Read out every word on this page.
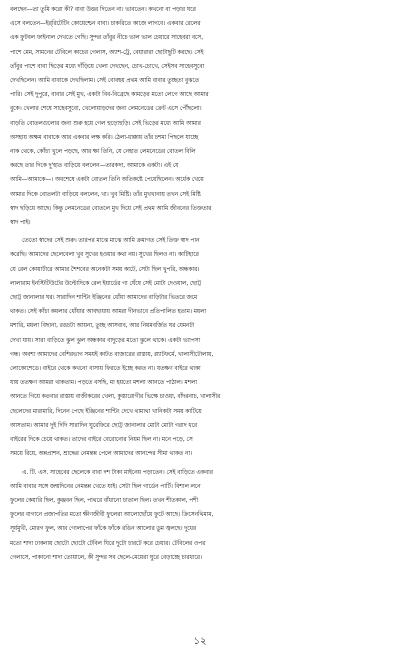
বলছেন—তা তুমি করো কী? বাবা উত্তর দিতেন না। ভাবতেন। কখনো বা পড়ার ঘরে
এসে বলতেন—ইর্‌রিটেটিং কোয়েশ্চেন বাবা। চাকরিতে কাজে লাগবে। একবার রেলের
এক ফুটবল ফাইনাল দেখতে গেছি। সুন্দর তাঁবুর নীচে ভাল ভাল চেয়ারে সাহেবরা বসে,
পাশে মেম, সামনের টেবিলে কাচের গেলাস, অ্যাশ-ট্রে, বেয়ারারা ছোটাছুটি করছে। সেই
তাঁবুর পাশে বাবা ছিড়ের মধ্যে দাঁড়িয়ে খেলা দেখছেন, চোখ-চোখে, সেইসব সাহেবসুবো
দেখছিলেন। আমি বাবাকে দেখছিলাম। সেই বোবহয় প্রথম আমি বাবার তুচ্ছতা বুঝতে
পারি। সেই দুপুরে, বাবার সেই মুখ, একটা বিব-বিব্রেছে কামড়ের মতো লেগে আছে আমার
বুকে। খেলার শেষে সাহেবসুবো, খেলোয়াড়দের জন্য লেমনেডের ক্রেট এসে পৌঁছলো।
বাড়তি বোতলগুলোর জন্য শুরু হয়ে গেল হুড়োহুড়ি। সেই ভিড়ের মধ্যে আমি আমার
অসহায় অক্ষম বাবাকে আর একবার লক্ষ করি। ঠেলা-ধাক্কায় তাঁর চশমা পিছলে যাচ্ছে
নাক থেকে, কোঁচা খুলে পড়ছে, আর ক্ষা তিনি, যে নেহাত লেমনেডের বোতল বিলি
করছে তার দিকে দু'হাত বাড়িয়ে বললেন—তারকদা, আমাকে একটা। এই যে
আমি—আমাকে—। অবশেষে একটা বোতল তিনি অতিকষ্টে পেয়েছিলেন। অর্ধেক খেয়ে
আমার দিকে বোতলটা বাড়িয়ে বললেন, খা। খুব মিষ্টি। তাঁর মুখখানায় তখন সেই মিষ্টি
স্বাদ ছড়িয়ে আছে। কিন্তু লেমনেডের বোতলে মুখ দিয়ে সেই প্রথম আমি জীবনের তিক্ততার
স্বাদ পাই।
তেতো স্বাদের সেই শুরু। তারপর মাঝে মাঝে আমি ক্রমাগত সেই তিক্ত স্বাদ পান
করেছি। আমাদের ছেলেবেলা খুব সুখের হওয়ার কথা নয়। সুখের ছিলও না। কাটিহারে
যে রেল কোয়ার্টারে আমার শৈশবের অনেকটা সময় কাটে, সেটা ছিল খুপরি, অন্ধকার।
লালারাম ইনস্টিটিউটের উল্টোদিকে রেল ইয়ার্ডের গা ঘেঁষে সেই মোটা দেওয়াল, ছোট্ট
ছোট্ট জানালার ঘর। সারাদিন শান্টিং ইঞ্জিনের ধোঁয়া আমাদের বাড়িটার ভিতরে জমে
থাকত। সেই কাঁচা কয়লার ধোঁয়ার আবছায়ায় আমরা দীনভাবে প্রতিপালিত হতাম। ময়লা
মশারি, ময়লা বিছানা, রঙচটা আয়না, তুচ্ছ আসবাব, আর নিয়মবর্জিত ঘর যেমনটা
দেখা যায়। সারা বাড়িতে ঝুল ঝুল অন্ধকার বাদুড়ের মতো ঝুলে থাকে। একটা ভ্যাপসা
গন্ধ। অবশ্য আমাদের বেশিরভাগ সময়ই কাটত বাজারের রাস্তায়, প্ল্যাটফর্মে, খালাসীটোলায়,
লোকোশেডে। বাইরে থেকে কখনো বাসায় ফিরতে ইচ্ছে করত না। যতক্ষণ বাইরে থাকা
যায় ততক্ষণ আমরা থাকতাম। পড়তে বসছি, মা হয়তো মশলা আনতে পাঠাল। মশলা
আনতে গিয়ে কতবার রাস্তায় বাজীকরের খেলা, কুস্তারোগীর ভিক্ষে চাওয়া, বাঁদরনাচ, খালাসীর
ছেলেদের মারামারি, দিনেন পেছে ইঞ্জিনের শান্টিং দেখে থামাথা খানিকটা সময় কাটিয়ে
আসতাম। আমার দুই দিদি সারাদিন ঘুরেফিরে ছোট্ট জানালার মোটা মোটা গরাদ ধরে
বাইরের দিকে চেয়ে থাকত। তাদের বাইরে বেরোনোর নিয়ম ছিল না। মনে পড়ে, সে
সময়ে রিয়ে, অন্নপ্রাশন, শ্রাদ্ধের নেমন্তন্ন পেলে আমাদের আনন্দের সীমা থাকত না।
এ. টি. এস. সাহেবের ছেলেকে বাবা দশ টাকা মাইনেয় পড়াতেন। সেই বাড়িতে একবার
আমি বাবার সঙ্গে জন্মদিনের নেমন্তন্ন খেতে যাই। সেটা ছিল গার্ডেন পার্টি। বিশাল লনে
ফুলের কেয়ারি ছিল, কুঞ্জবন ছিল, পাথরে বাঁধানো চাতাল ছিল। তখন শীতকাল, পশী
ফুলের বাগানে প্রজাপতির মতো ক্ষীণজীবী ফুলেরা আলোছোঁয়ে ফুটে আছে। ক্রিসেনথিমাম,
সূর্যমুখী, মোরগ ফুল, আর গোলাপের ফাঁকে ফাঁকে রঙিন আলোর ডুম জ্বলছে। দুধের
মতো শাদা ঢাকনায় ছোটো ছোটো টেবিল ঘিরে দুটো চারটে করে চেয়ার। টেবিলের ওপর
গেলাসে, পাকানো শাদা তোয়ালে, কী সুন্দর সব ছেলে-মেয়েরা ঘুরে বেড়াচ্ছে চারধারে।
১২
